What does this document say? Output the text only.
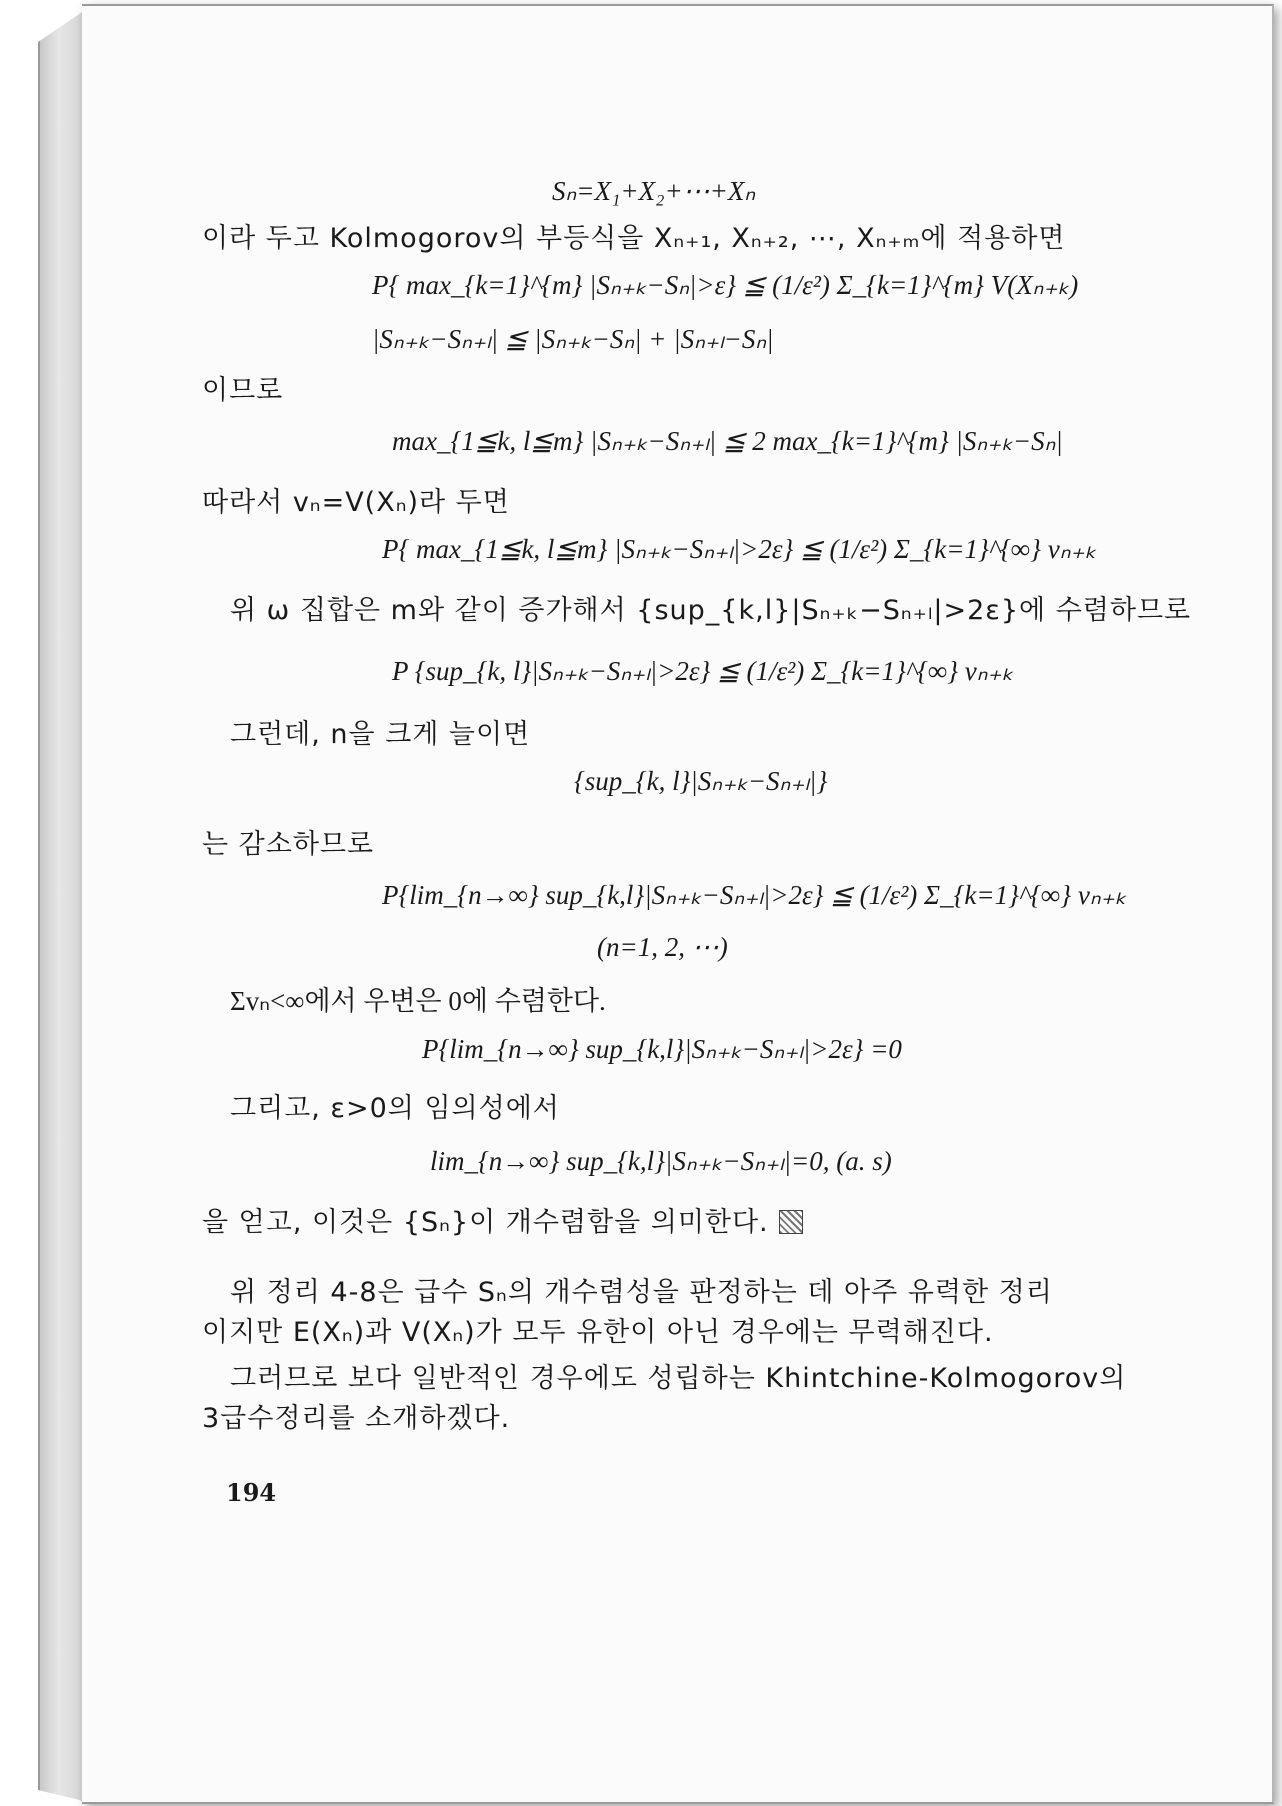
Sₙ=X₁+X₂+⋯+Xₙ
이라 두고 Kolmogorov의 부등식을 Xₙ₊₁, Xₙ₊₂, ⋯, Xₙ₊ₘ에 적용하면
P{ max_{k=1}^{m} |Sₙ₊ₖ−Sₙ|>ε} ≦ (1/ε²) Σ_{k=1}^{m} V(Xₙ₊ₖ)
|Sₙ₊ₖ−Sₙ₊ₗ| ≦ |Sₙ₊ₖ−Sₙ| + |Sₙ₊ₗ−Sₙ|
이므로
max_{1≦k, l≦m} |Sₙ₊ₖ−Sₙ₊ₗ| ≦ 2 max_{k=1}^{m} |Sₙ₊ₖ−Sₙ|
따라서 vₙ=V(Xₙ)라 두면
P{ max_{1≦k, l≦m} |Sₙ₊ₖ−Sₙ₊ₗ|>2ε} ≦ (1/ε²) Σ_{k=1}^{∞} vₙ₊ₖ
위 ω 집합은 m와 같이 증가해서 {sup_{k,l}|Sₙ₊ₖ−Sₙ₊ₗ|>2ε}에 수렴하므로
P {sup_{k, l}|Sₙ₊ₖ−Sₙ₊ₗ|>2ε} ≦ (1/ε²) Σ_{k=1}^{∞} vₙ₊ₖ
그런데, n을 크게 늘이면
{sup_{k, l}|Sₙ₊ₖ−Sₙ₊ₗ|}
는 감소하므로
P{lim_{n→∞} sup_{k,l}|Sₙ₊ₖ−Sₙ₊ₗ|>2ε} ≦ (1/ε²) Σ_{k=1}^{∞} vₙ₊ₖ
(n=1, 2, ⋯)
Σvₙ<∞에서 우변은 0에 수렴한다.
P{lim_{n→∞} sup_{k,l}|Sₙ₊ₖ−Sₙ₊ₗ|>2ε} =0
그리고, ε>0의 임의성에서
lim_{n→∞} sup_{k,l}|Sₙ₊ₖ−Sₙ₊ₗ|=0, (a. s)
을 얻고, 이것은 {Sₙ}이 개수렴함을 의미한다.
위 정리 4-8은 급수 Sₙ의 개수렴성을 판정하는 데 아주 유력한 정리
이지만 E(Xₙ)과 V(Xₙ)가 모두 유한이 아닌 경우에는 무력해진다.
그러므로 보다 일반적인 경우에도 성립하는 Khintchine-Kolmogorov의
3급수정리를 소개하겠다.
194
